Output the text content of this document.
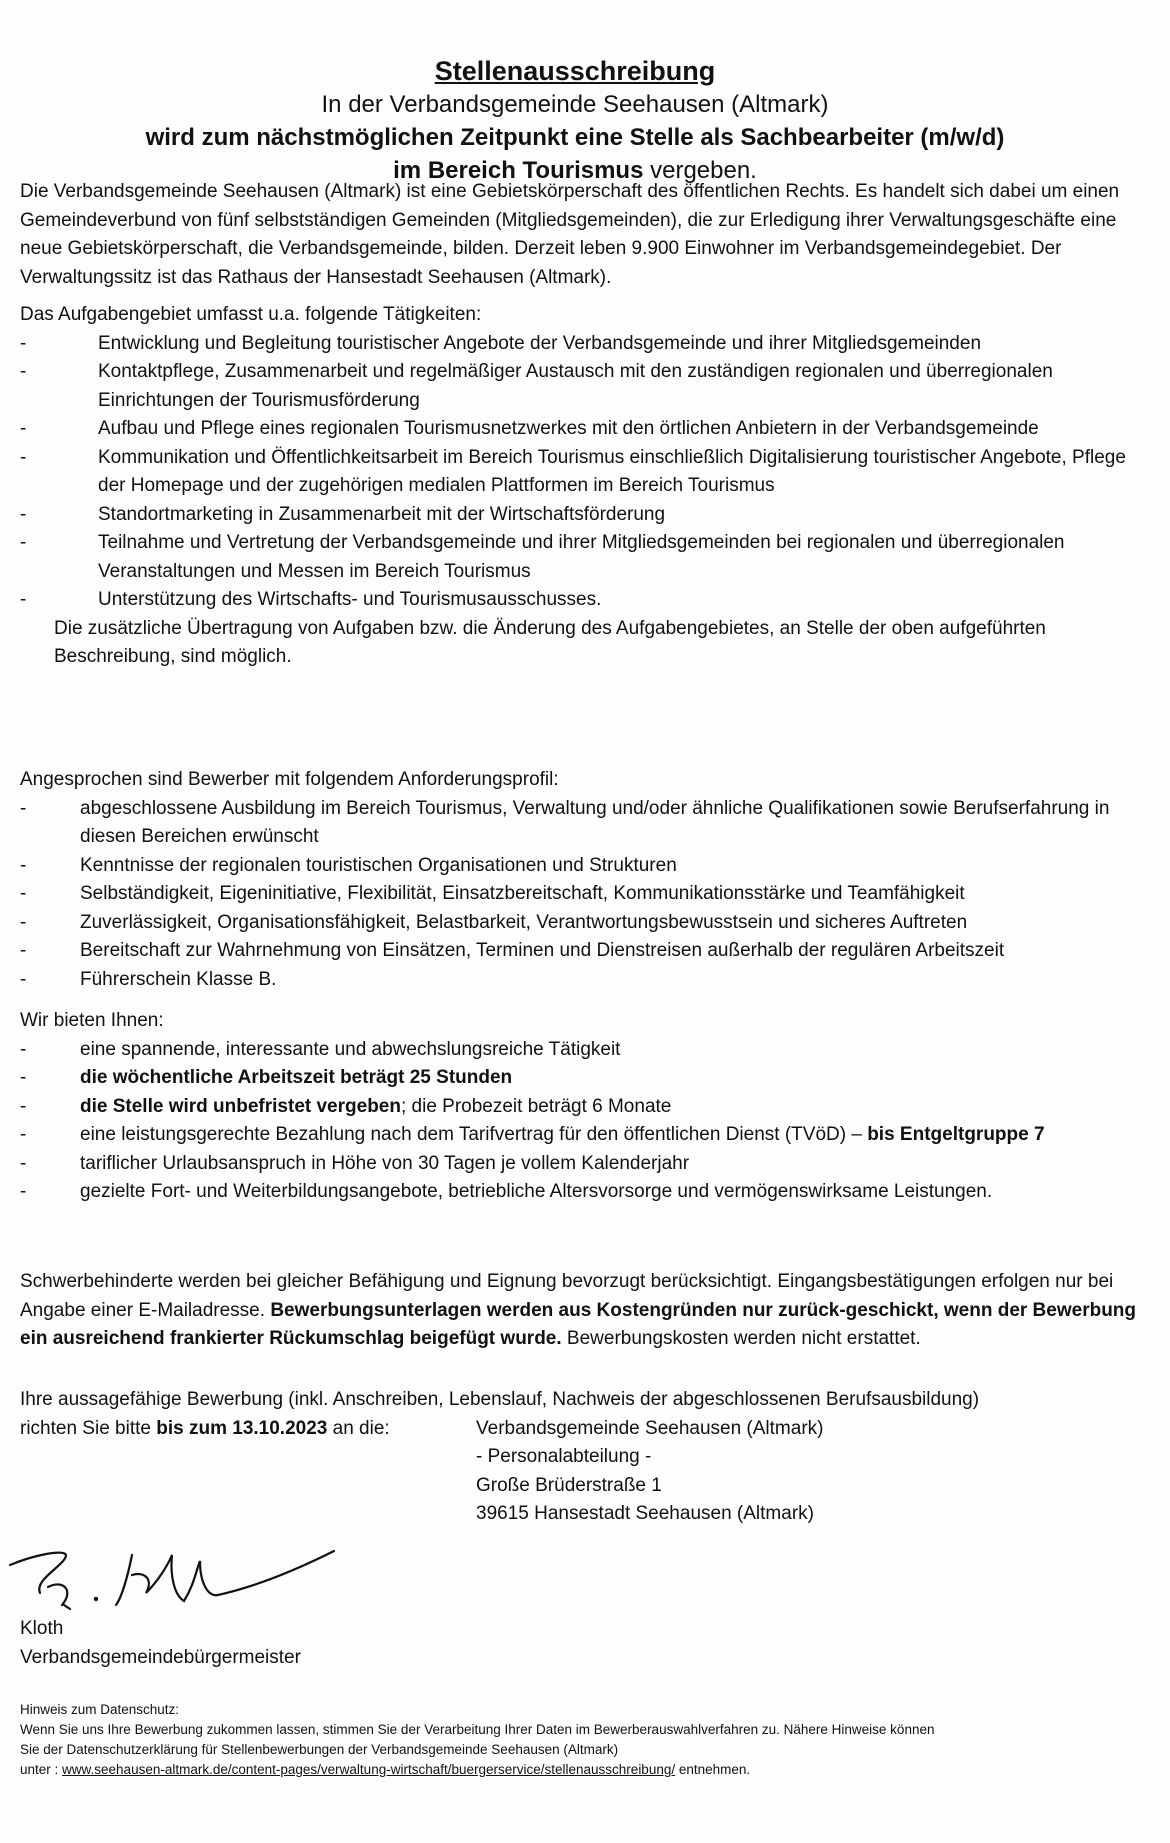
Stellenausschreibung
In der Verbandsgemeinde Seehausen (Altmark)
wird zum nächstmöglichen Zeitpunkt eine Stelle als Sachbearbeiter (m/w/d)
im Bereich Tourismus vergeben.

Die Verbandsgemeinde Seehausen (Altmark) ist eine Gebietskörperschaft des öffentlichen Rechts. Es handelt sich dabei um einen Gemeindeverbund von fünf selbstständigen Gemeinden (Mitgliedsgemeinden), die zur Erledigung ihrer Verwaltungsgeschäfte eine neue Gebietskörperschaft, die Verbandsgemeinde, bilden. Derzeit leben 9.900 Einwohner im Verbandsgemeindegebiet. Der Verwaltungssitz ist das Rathaus der Hansestadt Seehausen (Altmark).

Das Aufgabengebiet umfasst u.a. folgende Tätigkeiten:

-	Entwicklung und Begleitung touristischer Angebote der Verbandsgemeinde und ihrer Mitgliedsgemeinden
-	Kontaktpflege, Zusammenarbeit und regelmäßiger Austausch mit den zuständigen regionalen und überregionalen Einrichtungen der Tourismusförderung
-	Aufbau und Pflege eines regionalen Tourismusnetzwerkes mit den örtlichen Anbietern in der Verbandsgemeinde
-	Kommunikation und Öffentlichkeitsarbeit im Bereich Tourismus einschließlich Digitalisierung touristischer Angebote, Pflege der Homepage und der zugehörigen medialen Plattformen im Bereich Tourismus
-	Standortmarketing in Zusammenarbeit mit der Wirtschaftsförderung
-	Teilnahme und Vertretung der Verbandsgemeinde und ihrer Mitgliedsgemeinden bei regionalen und überregionalen Veranstaltungen und Messen im Bereich Tourismus
-	Unterstützung des Wirtschafts- und Tourismusausschusses.

Die zusätzliche Übertragung von Aufgaben bzw. die Änderung des Aufgabengebietes, an Stelle der oben aufgeführten Beschreibung, sind möglich.

Angesprochen sind Bewerber mit folgendem Anforderungsprofil:

-	abgeschlossene Ausbildung im Bereich Tourismus, Verwaltung und/oder ähnliche Qualifikationen sowie Berufserfahrung in diesen Bereichen erwünscht
-	Kenntnisse der regionalen touristischen Organisationen und Strukturen
-	Selbständigkeit, Eigeninitiative, Flexibilität, Einsatzbereitschaft, Kommunikationsstärke und Teamfähigkeit
-	Zuverlässigkeit, Organisationsfähigkeit, Belastbarkeit, Verantwortungsbewusstsein und sicheres Auftreten
-	Bereitschaft zur Wahrnehmung von Einsätzen, Terminen und Dienstreisen außerhalb der regulären Arbeitszeit
-	Führerschein Klasse B.

Wir bieten Ihnen:

-	eine spannende, interessante und abwechslungsreiche Tätigkeit
-	die wöchentliche Arbeitszeit beträgt 25 Stunden
-	die Stelle wird unbefristet vergeben; die Probezeit beträgt 6 Monate
-	eine leistungsgerechte Bezahlung nach dem Tarifvertrag für den öffentlichen Dienst (TVöD) – bis Entgeltgruppe 7
-	tariflicher Urlaubsanspruch in Höhe von 30 Tagen je vollem Kalenderjahr
-	gezielte Fort- und Weiterbildungsangebote, betriebliche Altersvorsorge und vermögenswirksame Leistungen.

Schwerbehinderte werden bei gleicher Befähigung und Eignung bevorzugt berücksichtigt. Eingangsbestätigungen erfolgen nur bei Angabe einer E-Mailadresse. Bewerbungsunterlagen werden aus Kostengründen nur zurück-geschickt, wenn der Bewerbung ein ausreichend frankierter Rückumschlag beigefügt wurde. Bewerbungskosten werden nicht erstattet.

Ihre aussagefähige Bewerbung (inkl. Anschreiben, Lebenslauf, Nachweis der abgeschlossenen Berufsausbildung)

richten Sie bitte bis zum 13.10.2023 an die:	Verbandsgemeinde Seehausen (Altmark)
- Personalabteilung -
Große Brüderstraße 1
39615 Hansestadt Seehausen (Altmark)
Kloth
Verbandsgemeindebürgermeister
Hinweis zum Datenschutz:
Wenn Sie uns Ihre Bewerbung zukommen lassen, stimmen Sie der Verarbeitung Ihrer Daten im Bewerberauswahlverfahren zu. Nähere Hinweise können
Sie der Datenschutzerklärung für Stellenbewerbungen der Verbandsgemeinde Seehausen (Altmark)
unter : www.seehausen-altmark.de/content-pages/verwaltung-wirtschaft/buergerservice/stellenausschreibung/ entnehmen.
